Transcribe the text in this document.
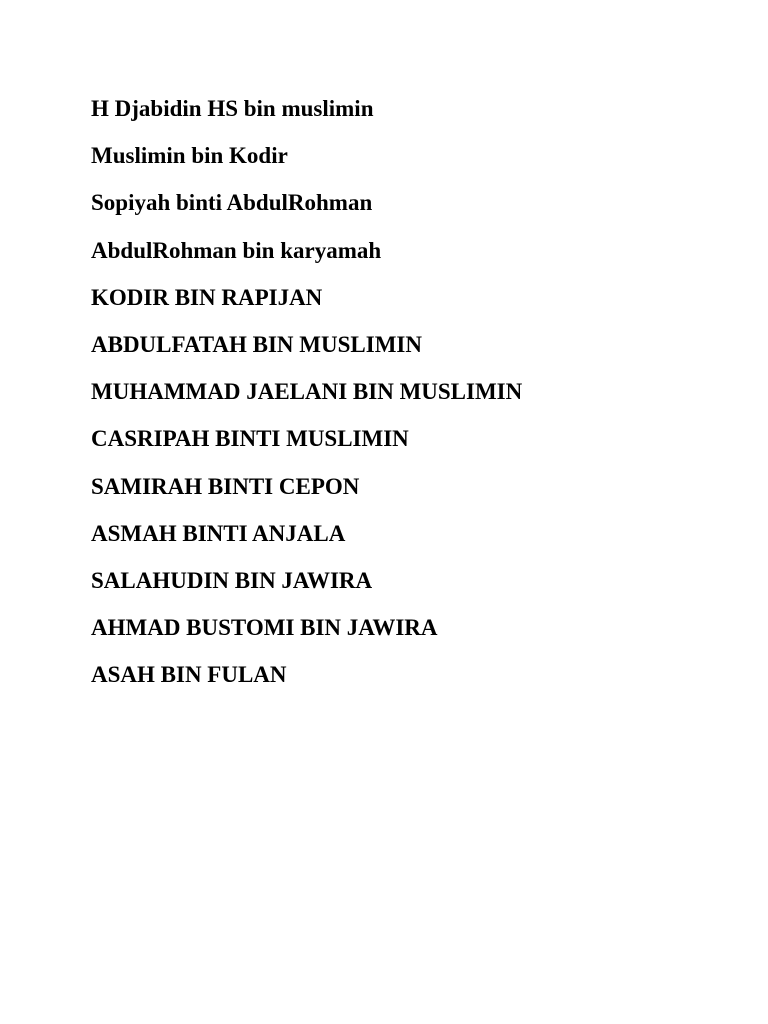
H Djabidin HS bin muslimin
Muslimin bin Kodir
Sopiyah binti AbdulRohman
AbdulRohman bin karyamah
KODIR BIN RAPIJAN
ABDULFATAH BIN MUSLIMIN
MUHAMMAD JAELANI BIN MUSLIMIN
CASRIPAH BINTI MUSLIMIN
SAMIRAH BINTI CEPON
ASMAH BINTI ANJALA
SALAHUDIN BIN JAWIRA
AHMAD BUSTOMI BIN JAWIRA
ASAH BIN FULAN
